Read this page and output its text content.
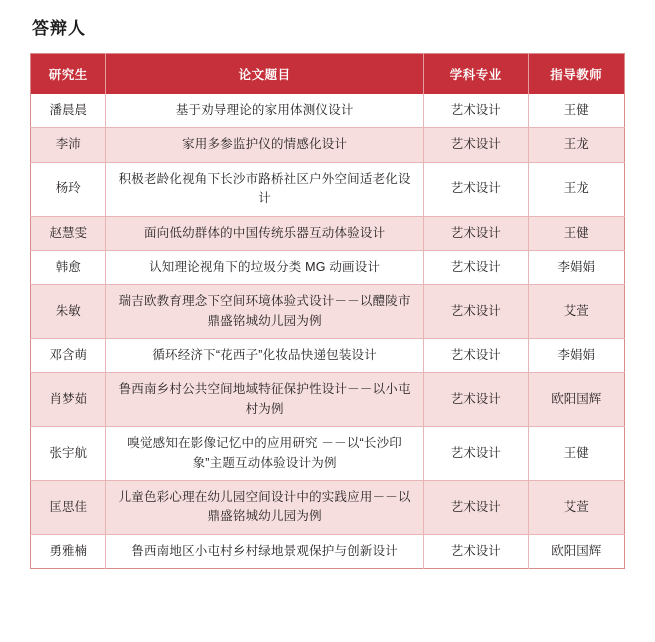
答辩人
研究生	论文题目	学科专业	指导教师
潘晨晨	基于劝导理论的家用体测仪设计	艺术设计	王健
李沛	家用多参监护仪的情感化设计	艺术设计	王龙
杨玲	积极老龄化视角下长沙市路桥社区户外空间适老化设计	艺术设计	王龙
赵慧雯	面向低幼群体的中国传统乐器互动体验设计	艺术设计	王健
韩愈	认知理论视角下的垃圾分类 MG 动画设计	艺术设计	李娟娟
朱敏	瑞吉欧教育理念下空间环境体验式设计－－以醴陵市鼎盛铭城幼儿园为例	艺术设计	艾萱
邓含萌	循环经济下“花西子”化妆品快递包装设计	艺术设计	李娟娟
肖梦茹	鲁西南乡村公共空间地域特征保护性设计－－以小屯村为例	艺术设计	欧阳国辉
张宇航	嗅觉感知在影像记忆中的应用研究 －－以“长沙印象”主题互动体验设计为例	艺术设计	王健
匡思佳	儿童色彩心理在幼儿园空间设计中的实践应用－－以鼎盛铭城幼儿园为例	艺术设计	艾萱
勇雅楠	鲁西南地区小屯村乡村绿地景观保护与创新设计	艺术设计	欧阳国辉
